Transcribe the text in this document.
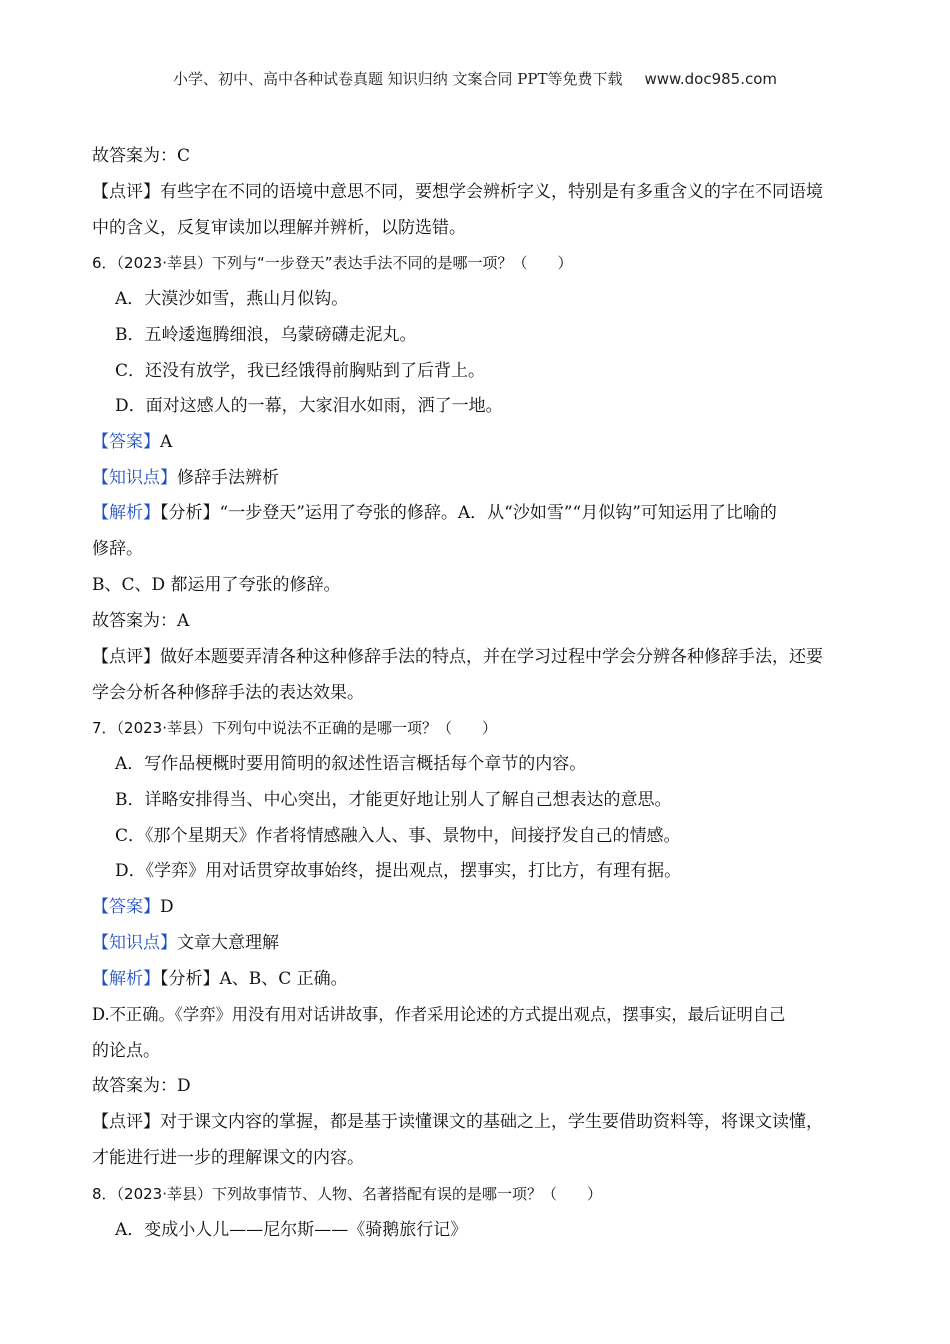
小学、初中、高中各种试卷真题 知识归纳 文案合同 PPT等免费下载 www.doc985.com
故答案为：C
【点评】有些字在不同的语境中意思不同，要想学会辨析字义，特别是有多重含义的字在不同语境
中的含义，反复审读加以理解并辨析，以防选错。
6．（2023·莘县）下列与“一步登天”表达手法不同的是哪一项？（　　）
A．大漠沙如雪，燕山月似钩。
B．五岭逶迤腾细浪，乌蒙磅礴走泥丸。
C．还没有放学，我已经饿得前胸贴到了后背上。
D．面对这感人的一幕，大家泪水如雨，洒了一地。
【答案】A
【知识点】修辞手法辨析
【解析】【分析】“一步登天”运用了夸张的修辞。A．从“沙如雪”“月似钩”可知运用了比喻的
修辞。
B、C、D 都运用了夸张的修辞。
故答案为：A
【点评】做好本题要弄清各种这种修辞手法的特点，并在学习过程中学会分辨各种修辞手法，还要
学会分析各种修辞手法的表达效果。
7．（2023·莘县）下列句中说法不正确的是哪一项？（　　）
A．写作品梗概时要用简明的叙述性语言概括每个章节的内容。
B．详略安排得当、中心突出，才能更好地让别人了解自己想表达的意思。
C．《那个星期天》作者将情感融入人、事、景物中，间接抒发自己的情感。
D．《学弈》用对话贯穿故事始终，提出观点，摆事实，打比方，有理有据。
【答案】D
【知识点】文章大意理解
【解析】【分析】A、B、C 正确。
D.不正确。《学弈》用没有用对话讲故事，作者采用论述的方式提出观点，摆事实，最后证明自己
的论点。
故答案为：D
【点评】对于课文内容的掌握，都是基于读懂课文的基础之上，学生要借助资料等，将课文读懂，
才能进行进一步的理解课文的内容。
8．（2023·莘县）下列故事情节、人物、名著搭配有误的是哪一项？（　　）
A．变成小人儿——尼尔斯——《骑鹅旅行记》
